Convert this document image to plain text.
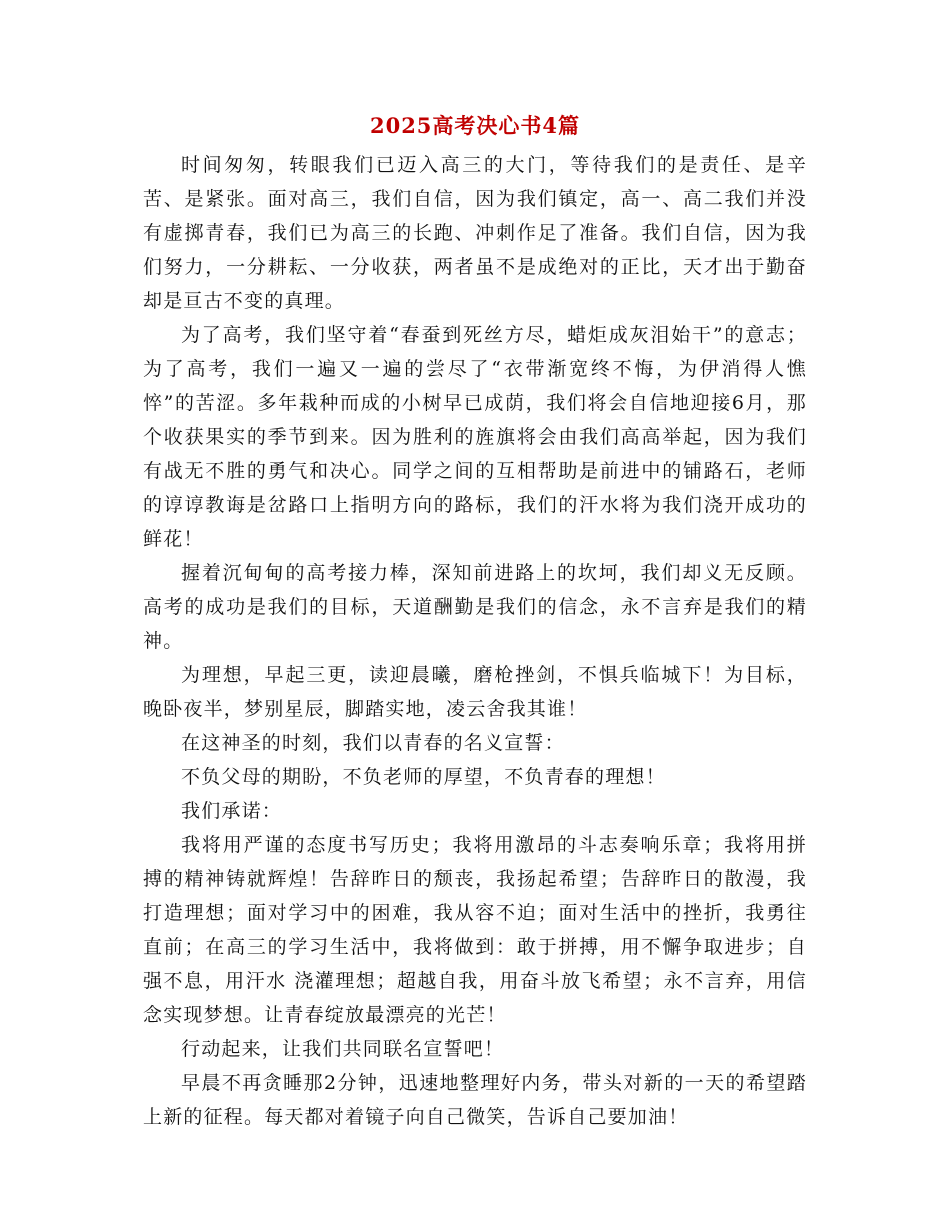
2025高考决心书4篇

时间匆匆，转眼我们已迈入高三的大门，等待我们的是责任、是辛苦、是紧张。面对高三，我们自信，因为我们镇定，高一、高二我们并没有虚掷青春，我们已为高三的长跑、冲刺作足了准备。我们自信，因为我们努力，一分耕耘、一分收获，两者虽不是成绝对的正比，天才出于勤奋却是亘古不变的真理。

为了高考，我们坚守着“春蚕到死丝方尽，蜡炬成灰泪始干”的意志；为了高考，我们一遍又一遍的尝尽了“衣带渐宽终不悔，为伊消得人憔悴”的苦涩。多年栽种而成的小树早已成荫，我们将会自信地迎接6月，那个收获果实的季节到来。因为胜利的旌旗将会由我们高高举起，因为我们有战无不胜的勇气和决心。同学之间的互相帮助是前进中的铺路石，老师的谆谆教诲是岔路口上指明方向的路标，我们的汗水将为我们浇开成功的鲜花！

握着沉甸甸的高考接力棒，深知前进路上的坎坷，我们却义无反顾。高考的成功是我们的目标，天道酬勤是我们的信念，永不言弃是我们的精神。

为理想，早起三更，读迎晨曦，磨枪挫剑，不惧兵临城下！为目标，晚卧夜半，梦别星辰，脚踏实地，凌云舍我其谁！

在这神圣的时刻，我们以青春的名义宣誓：

不负父母的期盼，不负老师的厚望，不负青春的理想！

我们承诺：

我将用严谨的态度书写历史；我将用激昂的斗志奏响乐章；我将用拼搏的精神铸就辉煌！告辞昨日的颓丧，我扬起希望；告辞昨日的散漫，我打造理想；面对学习中的困难，我从容不迫；面对生活中的挫折，我勇往直前；在高三的学习生活中，我将做到：敢于拼搏，用不懈争取进步；自强不息，用汗水 浇灌理想；超越自我，用奋斗放飞希望；永不言弃，用信念实现梦想。让青春绽放最漂亮的光芒！

行动起来，让我们共同联名宣誓吧！

早晨不再贪睡那2分钟，迅速地整理好内务，带头对新的一天的希望踏上新的征程。每天都对着镜子向自己微笑，告诉自己要加油！
